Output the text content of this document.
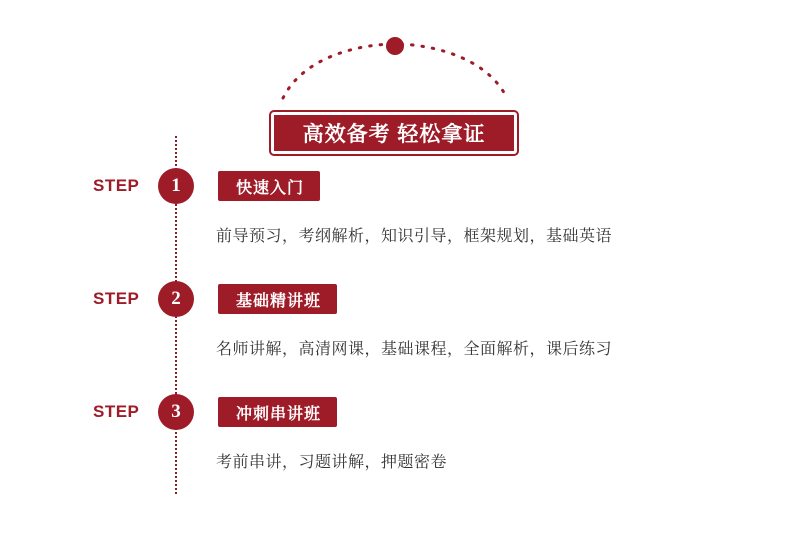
高效备考 轻松拿证
STEP	1	快速入门
前导预习，考纲解析，知识引导，框架规划，基础英语
STEP	2	基础精讲班
名师讲解，高清网课，基础课程，全面解析，课后练习
STEP	3	冲刺串讲班
考前串讲，习题讲解，押题密卷
